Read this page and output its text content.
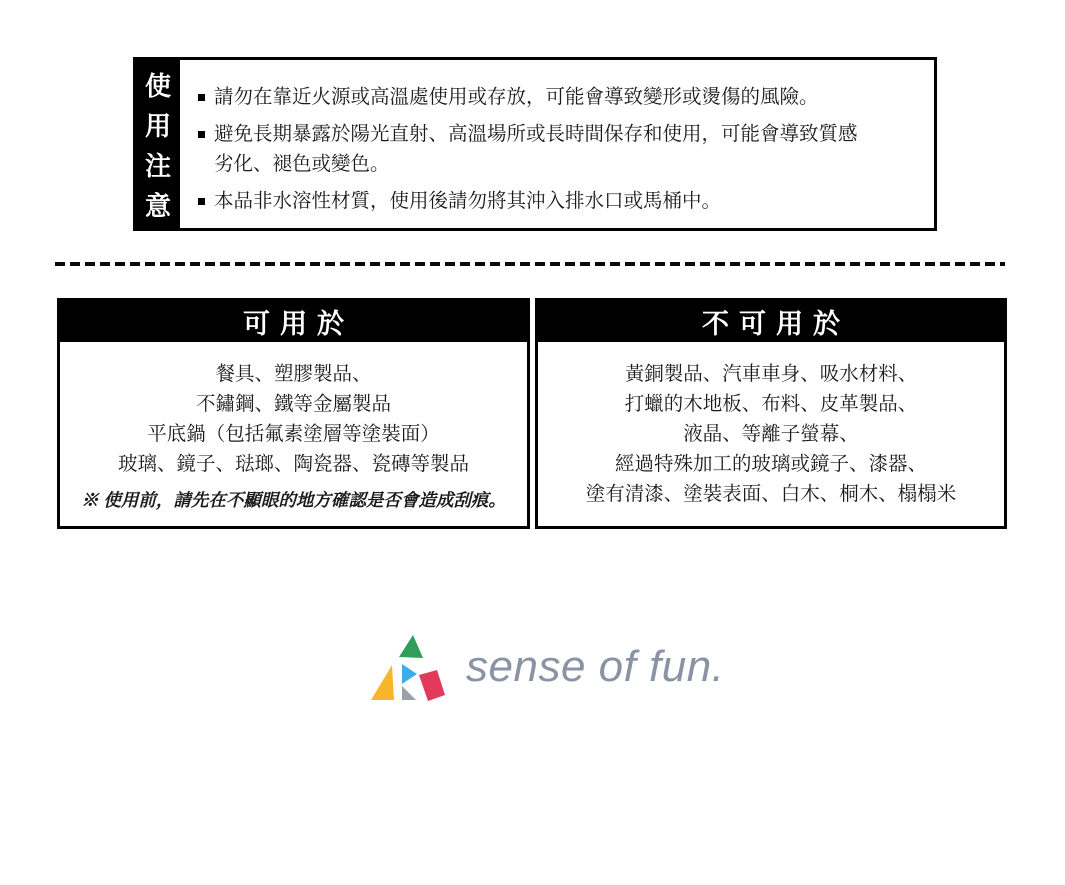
使
用
注
意
請勿在靠近火源或高溫處使用或存放，可能會導致變形或燙傷的風險。
避免長期暴露於陽光直射、高溫場所或長時間保存和使用，可能會導致質感劣化、褪色或變色。
本品非水溶性材質，使用後請勿將其沖入排水口或馬桶中。
可用於
餐具、塑膠製品、
不鏽鋼、鐵等金屬製品
平底鍋（包括氟素塗層等塗裝面）
玻璃、鏡子、琺瑯、陶瓷器、瓷磚等製品
※ 使用前，請先在不顯眼的地方確認是否會造成刮痕。
不可用於
黃銅製品、汽車車身、吸水材料、
打蠟的木地板、布料、皮革製品、
液晶、等離子螢幕、
經過特殊加工的玻璃或鏡子、漆器、
塗有清漆、塗裝表面、白木、桐木、榻榻米
sense of fun.
